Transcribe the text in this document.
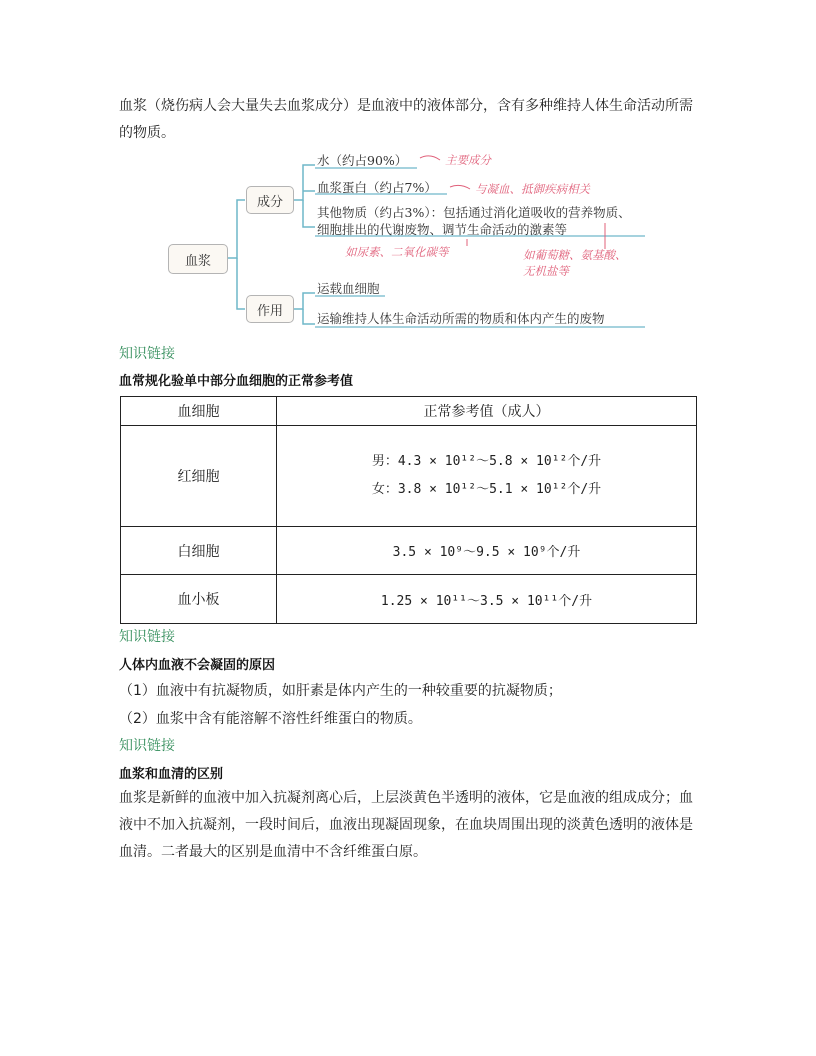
血浆（烧伤病人会大量失去血浆成分）是血液中的液体部分，含有多种维持人体生命活动所需的物质。

血浆
成分
作用
水（约占90%）
血浆蛋白（约占7%）
其他物质（约占3%）：包括通过消化道吸收的营养物质、
细胞排出的代谢废物、调节生命活动的激素等
主要成分
与凝血、抵御疾病相关
如尿素、二氧化碳等	如葡萄糖、氨基酸、
无机盐等
运载血细胞
运输维持人体生命活动所需的物质和体内产生的废物
知识链接
血常规化验单中部分血细胞的正常参考值
血细胞	正常参考值（成人）
红细胞	男：4.3 × 10¹²～5.8 × 10¹²个/升
女：3.8 × 10¹²～5.1 × 10¹²个/升

白细胞	3.5 × 10⁹～9.5 × 10⁹个/升
血小板	1.25 × 10¹¹～3.5 × 10¹¹个/升
知识链接
人体内血液不会凝固的原因
（1）血液中有抗凝物质，如肝素是体内产生的一种较重要的抗凝物质；
（2）血浆中含有能溶解不溶性纤维蛋白的物质。
知识链接
血浆和血清的区别

血浆是新鲜的血液中加入抗凝剂离心后，上层淡黄色半透明的液体，它是血液的组成成分；血液中不加入抗凝剂，一段时间后，血液出现凝固现象，在血块周围出现的淡黄色透明的液体是血清。二者最大的区别是血清中不含纤维蛋白原。
